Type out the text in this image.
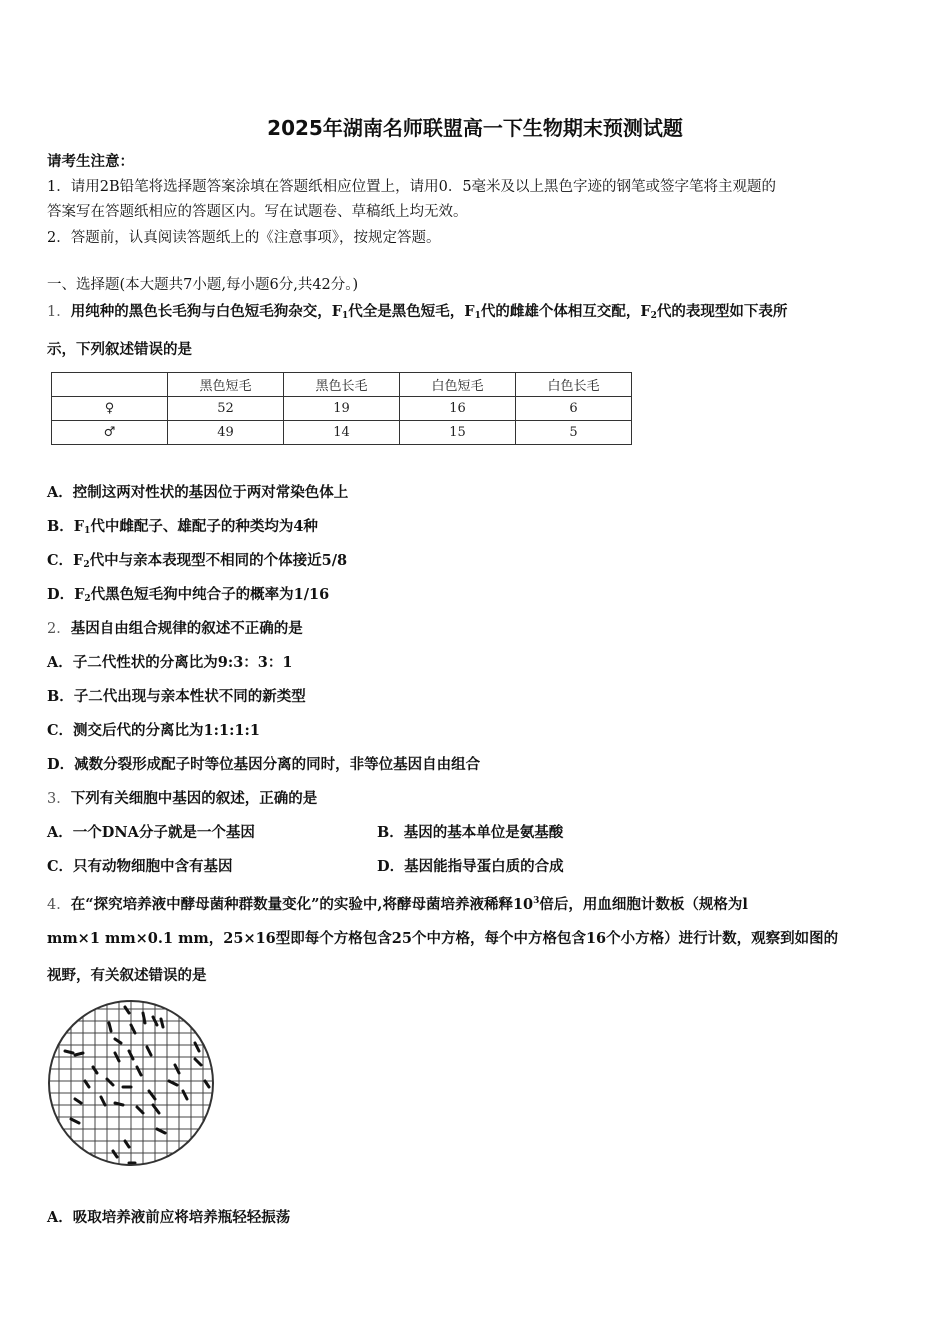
2025年湖南名师联盟高一下生物期末预测试题
请考生注意：
1．请用2B铅笔将选择题答案涂填在答题纸相应位置上，请用0．5毫米及以上黑色字迹的钢笔或签字笔将主观题的
答案写在答题纸相应的答题区内。写在试题卷、草稿纸上均无效。
2．答题前，认真阅读答题纸上的《注意事项》，按规定答题。
一、选择题(本大题共7小题,每小题6分,共42分。)
1．用纯种的黑色长毛狗与白色短毛狗杂交，$F_1$代全是黑色短毛，$F_1$代的雌雄个体相互交配，$F_2$代的表现型如下表所
示，下列叙述错误的是
	黑色短毛	黑色长毛	白色短毛	白色长毛
♀	52	19	16	6
♂	49	14	15	5
A．控制这两对性状的基因位于两对常染色体上
B．$F_1$代中雌配子、雄配子的种类均为4种
C．$F_2$代中与亲本表现型不相同的个体接近5/8
D．$F_2$代黑色短毛狗中纯合子的概率为1/16
2．基因自由组合规律的叙述不正确的是
A．子二代性状的分离比为9:3：3：1
B．子二代出现与亲本性状不同的新类型
C．测交后代的分离比为1:1:1:1
D．减数分裂形成配子时等位基因分离的同时，非等位基因自由组合
3．下列有关细胞中基因的叙述，正确的是
A．一个DNA分子就是一个基因	B．基因的基本单位是氨基酸
C．只有动物细胞中含有基因	D．基因能指导蛋白质的合成
4．在“探究培养液中酵母菌种群数量变化”的实验中,将酵母菌培养液稀释$10^3$倍后，用血细胞计数板（规格为l
mm×1 mm×0.1 mm，25×16型即每个方格包含25个中方格，每个中方格包含16个小方格）进行计数，观察到如图的
视野，有关叙述错误的是
A．吸取培养液前应将培养瓶轻轻振荡
